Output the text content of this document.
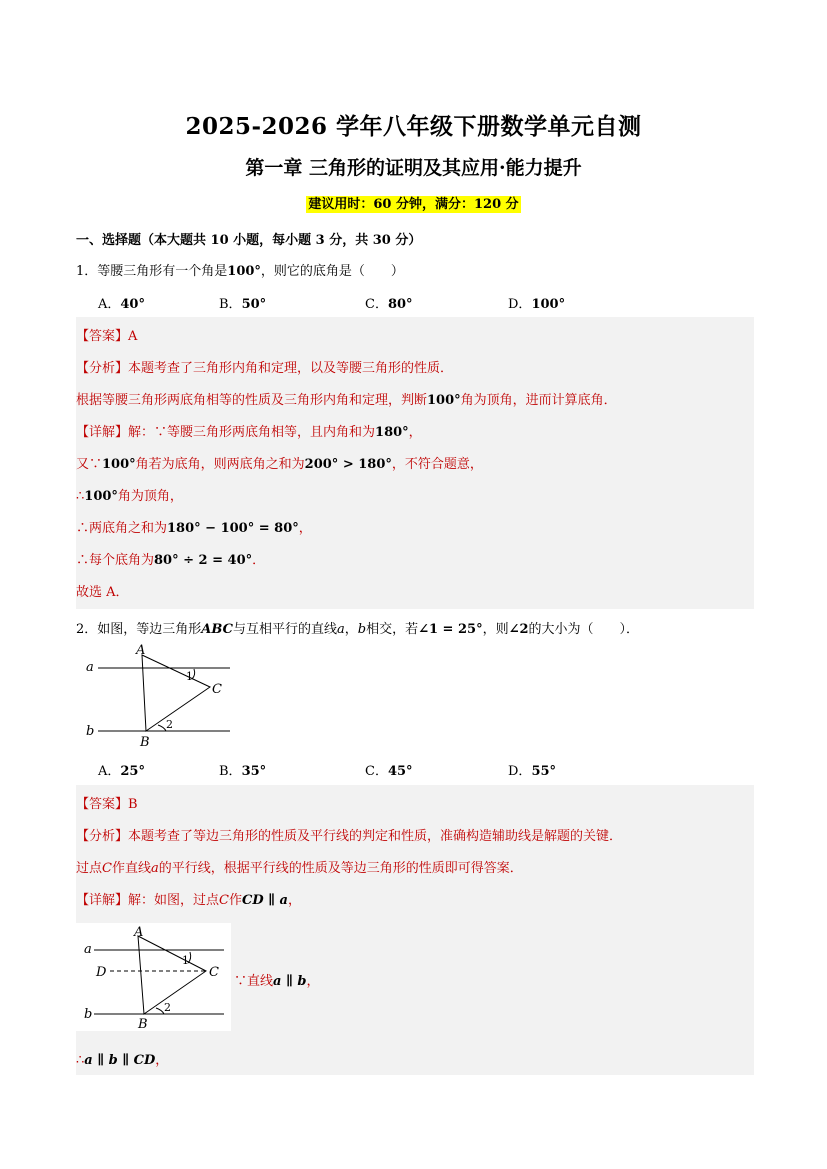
2025-2026 学年八年级下册数学单元自测
第一章 三角形的证明及其应用·能力提升
建议用时：60 分钟，满分：120 分
一、选择题（本大题共 10 小题，每小题 3 分，共 30 分）
1．等腰三角形有一个角是100°，则它的底角是（　　）
A．40°	B．50°	C．80°	D．100°
【答案】A
【分析】本题考查了三角形内角和定理，以及等腰三角形的性质．
根据等腰三角形两底角相等的性质及三角形内角和定理，判断100°角为顶角，进而计算底角．
【详解】解：∵等腰三角形两底角相等，且内角和为180°，
又∵100°角若为底角，则两底角之和为200° > 180°，不符合题意，
∴100°角为顶角，
∴两底角之和为180° − 100° = 80°，
∴每个底角为80° ÷ 2 = 40°．
故选 A．
2．如图，等边三角形ABC与互相平行的直线a，b相交，若∠1 = 25°，则∠2的大小为（　　）．
a
b
A
B
C
1
2
A．25°	B．35°	C．45°	D．55°
【答案】B
【分析】本题考查了等边三角形的性质及平行线的判定和性质，准确构造辅助线是解题的关键．
过点C作直线a的平行线，根据平行线的性质及等边三角形的性质即可得答案．
【详解】解：如图，过点C作CD ∥ a，
a
b
A
B
C
D
1
2
∵直线a ∥ b，
∴a ∥ b ∥ CD，
